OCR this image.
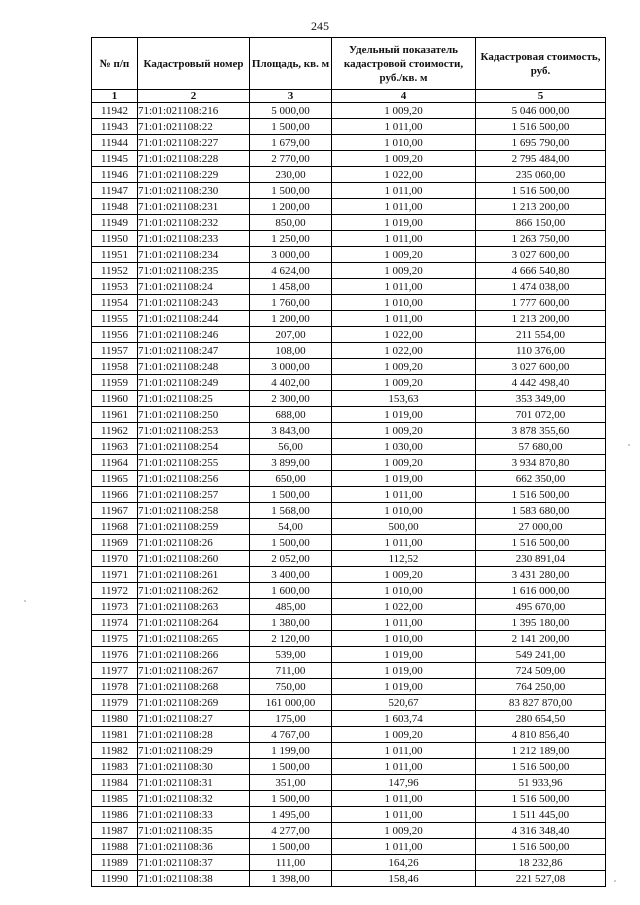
245
№ п/п	Кадастровый номер	Площадь, кв. м	Удельный показатель кадастровой стоимости, руб./кв. м	Кадастровая стоимость, руб.
1	2	3	4	5
11942	71:01:021108:216	5 000,00	1 009,20	5 046 000,00
11943	71:01:021108:22	1 500,00	1 011,00	1 516 500,00
11944	71:01:021108:227	1 679,00	1 010,00	1 695 790,00
11945	71:01:021108:228	2 770,00	1 009,20	2 795 484,00
11946	71:01:021108:229	230,00	1 022,00	235 060,00
11947	71:01:021108:230	1 500,00	1 011,00	1 516 500,00
11948	71:01:021108:231	1 200,00	1 011,00	1 213 200,00
11949	71:01:021108:232	850,00	1 019,00	866 150,00
11950	71:01:021108:233	1 250,00	1 011,00	1 263 750,00
11951	71:01:021108:234	3 000,00	1 009,20	3 027 600,00
11952	71:01:021108:235	4 624,00	1 009,20	4 666 540,80
11953	71:01:021108:24	1 458,00	1 011,00	1 474 038,00
11954	71:01:021108:243	1 760,00	1 010,00	1 777 600,00
11955	71:01:021108:244	1 200,00	1 011,00	1 213 200,00
11956	71:01:021108:246	207,00	1 022,00	211 554,00
11957	71:01:021108:247	108,00	1 022,00	110 376,00
11958	71:01:021108:248	3 000,00	1 009,20	3 027 600,00
11959	71:01:021108:249	4 402,00	1 009,20	4 442 498,40
11960	71:01:021108:25	2 300,00	153,63	353 349,00
11961	71:01:021108:250	688,00	1 019,00	701 072,00
11962	71:01:021108:253	3 843,00	1 009,20	3 878 355,60
11963	71:01:021108:254	56,00	1 030,00	57 680,00
11964	71:01:021108:255	3 899,00	1 009,20	3 934 870,80
11965	71:01:021108:256	650,00	1 019,00	662 350,00
11966	71:01:021108:257	1 500,00	1 011,00	1 516 500,00
11967	71:01:021108:258	1 568,00	1 010,00	1 583 680,00
11968	71:01:021108:259	54,00	500,00	27 000,00
11969	71:01:021108:26	1 500,00	1 011,00	1 516 500,00
11970	71:01:021108:260	2 052,00	112,52	230 891,04
11971	71:01:021108:261	3 400,00	1 009,20	3 431 280,00
11972	71:01:021108:262	1 600,00	1 010,00	1 616 000,00
11973	71:01:021108:263	485,00	1 022,00	495 670,00
11974	71:01:021108:264	1 380,00	1 011,00	1 395 180,00
11975	71:01:021108:265	2 120,00	1 010,00	2 141 200,00
11976	71:01:021108:266	539,00	1 019,00	549 241,00
11977	71:01:021108:267	711,00	1 019,00	724 509,00
11978	71:01:021108:268	750,00	1 019,00	764 250,00
11979	71:01:021108:269	161 000,00	520,67	83 827 870,00
11980	71:01:021108:27	175,00	1 603,74	280 654,50
11981	71:01:021108:28	4 767,00	1 009,20	4 810 856,40
11982	71:01:021108:29	1 199,00	1 011,00	1 212 189,00
11983	71:01:021108:30	1 500,00	1 011,00	1 516 500,00
11984	71:01:021108:31	351,00	147,96	51 933,96
11985	71:01:021108:32	1 500,00	1 011,00	1 516 500,00
11986	71:01:021108:33	1 495,00	1 011,00	1 511 445,00
11987	71:01:021108:35	4 277,00	1 009,20	4 316 348,40
11988	71:01:021108:36	1 500,00	1 011,00	1 516 500,00
11989	71:01:021108:37	111,00	164,26	18 232,86
11990	71:01:021108:38	1 398,00	158,46	221 527,08
